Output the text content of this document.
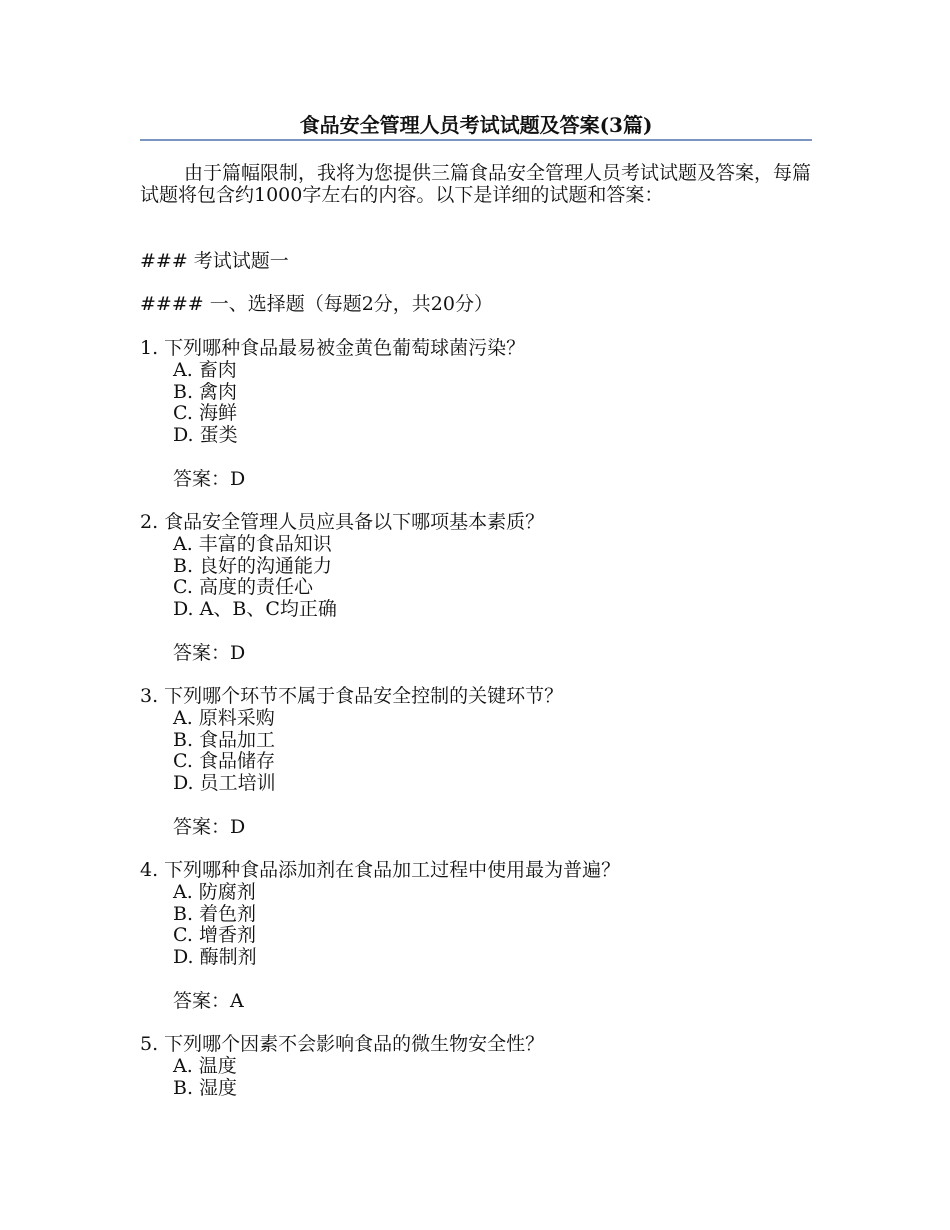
食品安全管理人员考试试题及答案(3篇)

由于篇幅限制，我将为您提供三篇食品安全管理人员考试试题及答案，每篇试题将包含约1000字左右的内容。以下是详细的试题和答案：

### 考试试题一

#### 一、选择题（每题2分，共20分）

1. 下列哪种食品最易被金黄色葡萄球菌污染？

A. 畜肉

B. 禽肉

C. 海鲜

D. 蛋类

答案：D

2. 食品安全管理人员应具备以下哪项基本素质？

A. 丰富的食品知识

B. 良好的沟通能力

C. 高度的责任心

D. A、B、C均正确

答案：D

3. 下列哪个环节不属于食品安全控制的关键环节？

A. 原料采购

B. 食品加工

C. 食品储存

D. 员工培训

答案：D

4. 下列哪种食品添加剂在食品加工过程中使用最为普遍？

A. 防腐剂

B. 着色剂

C. 增香剂

D. 酶制剂

答案：A

5. 下列哪个因素不会影响食品的微生物安全性？

A. 温度

B. 湿度
